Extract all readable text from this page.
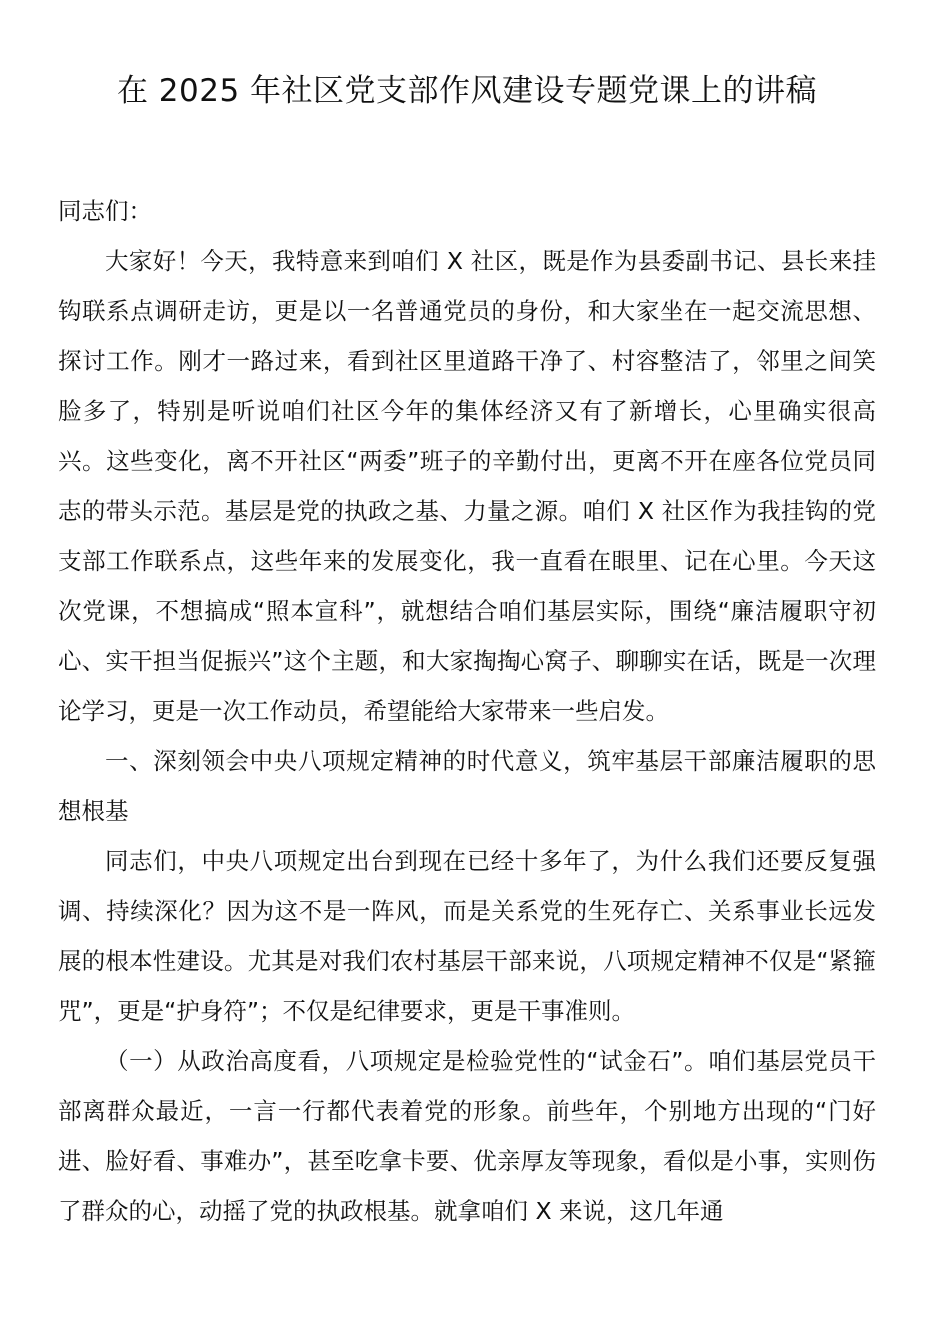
在 2025 年社区党支部作风建设专题党课上的讲稿

同志们：

大家好！今天，我特意来到咱们 X 社区，既是作为县委副书记、县长来挂钩联系点调研走访，更是以一名普通党员的身份，和大家坐在一起交流思想、探讨工作。刚才一路过来，看到社区里道路干净了、村容整洁了，邻里之间笑脸多了，特别是听说咱们社区今年的集体经济又有了新增长，心里确实很高兴。这些变化，离不开社区“两委”班子的辛勤付出，更离不开在座各位党员同志的带头示范。基层是党的执政之基、力量之源。咱们 X 社区作为我挂钩的党支部工作联系点，这些年来的发展变化，我一直看在眼里、记在心里。今天这次党课，不想搞成“照本宣科”，就想结合咱们基层实际，围绕“廉洁履职守初心、实干担当促振兴”这个主题，和大家掏掏心窝子、聊聊实在话，既是一次理论学习，更是一次工作动员，希望能给大家带来一些启发。

一、深刻领会中央八项规定精神的时代意义，筑牢基层干部廉洁履职的思想根基

同志们，中央八项规定出台到现在已经十多年了，为什么我们还要反复强调、持续深化？因为这不是一阵风，而是关系党的生死存亡、关系事业长远发展的根本性建设。尤其是对我们农村基层干部来说，八项规定精神不仅是“紧箍咒”，更是“护身符”；不仅是纪律要求，更是干事准则。

（一）从政治高度看，八项规定是检验党性的“试金石”。咱们基层党员干部离群众最近，一言一行都代表着党的形象。前些年，个别地方出现的“门好进、脸好看、事难办”，甚至吃拿卡要、优亲厚友等现象，看似是小事，实则伤了群众的心，动摇了党的执政根基。就拿咱们 X 来说，这几年通
